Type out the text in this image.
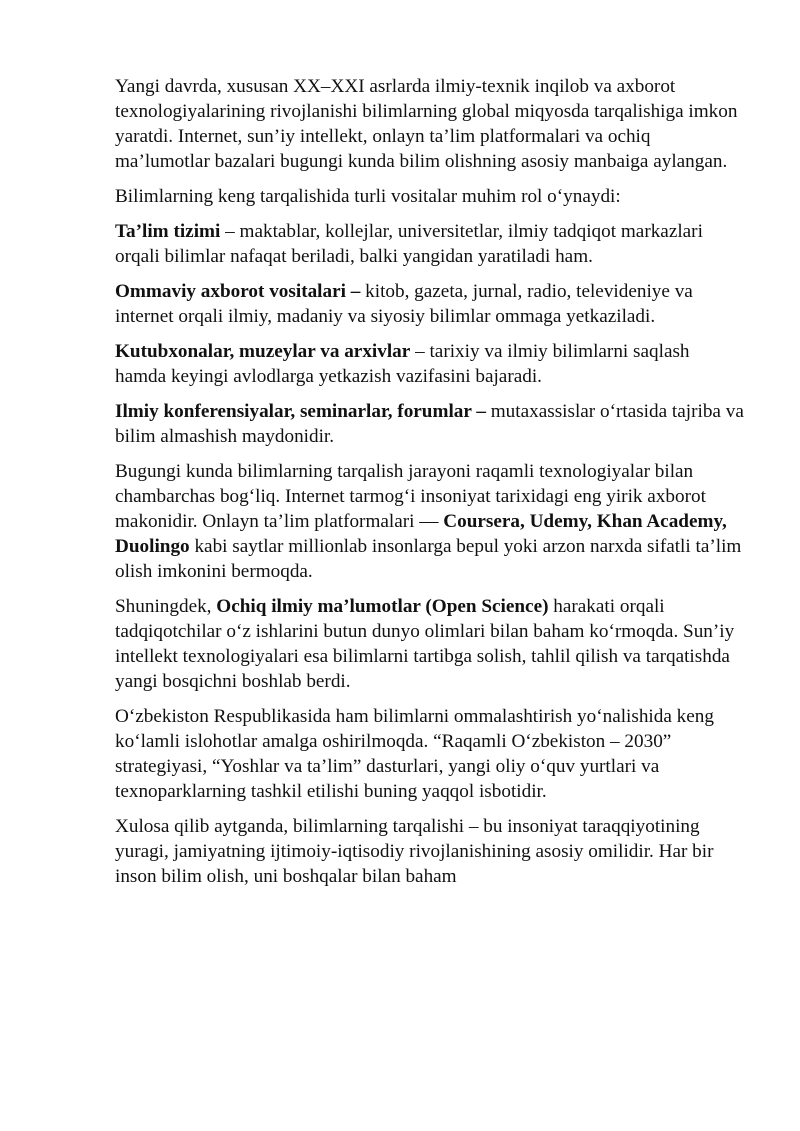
Yangi davrda, xususan XX–XXI asrlarda ilmiy-texnik inqilob va axborot texnologiyalarining rivojlanishi bilimlarning global miqyosda tarqalishiga imkon yaratdi. Internet, sun’iy intellekt, onlayn ta’lim platformalari va ochiq ma’lumotlar bazalari bugungi kunda bilim olishning asosiy manbaiga aylangan.

Bilimlarning keng tarqalishida turli vositalar muhim rol o‘ynaydi:

Ta’lim tizimi – maktablar, kollejlar, universitetlar, ilmiy tadqiqot markazlari orqali bilimlar nafaqat beriladi, balki yangidan yaratiladi ham.

Ommaviy axborot vositalari – kitob, gazeta, jurnal, radio, televideniye va internet orqali ilmiy, madaniy va siyosiy bilimlar ommaga yetkaziladi.

Kutubxonalar, muzeylar va arxivlar – tarixiy va ilmiy bilimlarni saqlash hamda keyingi avlodlarga yetkazish vazifasini bajaradi.

Ilmiy konferensiyalar, seminarlar, forumlar – mutaxassislar o‘rtasida tajriba va bilim almashish maydonidir.

Bugungi kunda bilimlarning tarqalish jarayoni raqamli texnologiyalar bilan chambarchas bog‘liq. Internet tarmog‘i insoniyat tarixidagi eng yirik axborot makonidir. Onlayn ta’lim platformalari — Coursera, Udemy, Khan Academy, Duolingo kabi saytlar millionlab insonlarga bepul yoki arzon narxda sifatli ta’lim olish imkonini bermoqda.

Shuningdek, Ochiq ilmiy ma’lumotlar (Open Science) harakati orqali tadqiqotchilar o‘z ishlarini butun dunyo olimlari bilan baham ko‘rmoqda. Sun’iy intellekt texnologiyalari esa bilimlarni tartibga solish, tahlil qilish va tarqatishda yangi bosqichni boshlab berdi.

O‘zbekiston Respublikasida ham bilimlarni ommalashtirish yo‘nalishida keng ko‘lamli islohotlar amalga oshirilmoqda. “Raqamli O‘zbekiston – 2030” strategiyasi, “Yoshlar va ta’lim” dasturlari, yangi oliy o‘quv yurtlari va texnoparklarning tashkil etilishi buning yaqqol isbotidir.

Xulosa qilib aytganda, bilimlarning tarqalishi – bu insoniyat taraqqiyotining yuragi, jamiyatning ijtimoiy-iqtisodiy rivojlanishining asosiy omilidir. Har bir inson bilim olish, uni boshqalar bilan baham
